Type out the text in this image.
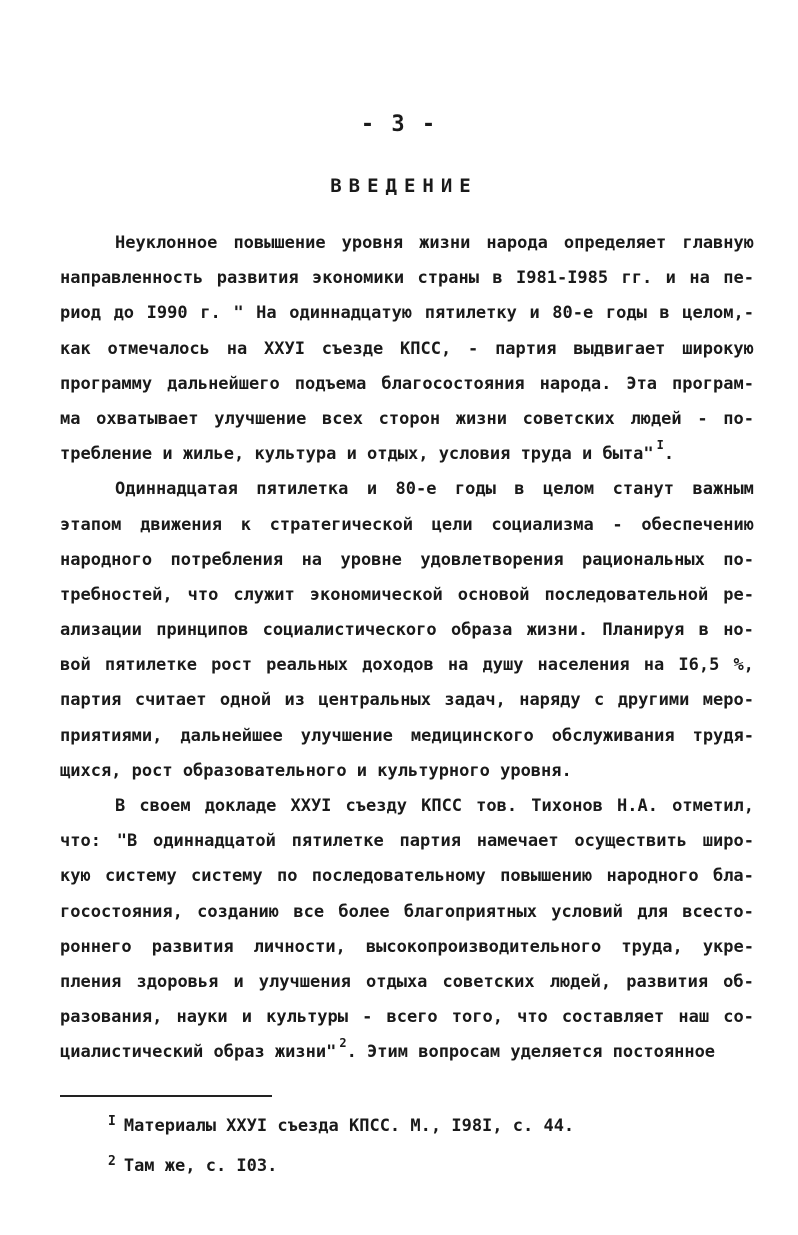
- 3 -
ВВЕДЕНИЕ
Неуклонное повышение уровня жизни народа определяет главную
направленность развития экономики страны в I981-I985 гг. и на пе-
риод до I990 г. " На одиннадцатую пятилетку и 80-е годы в целом,-
как отмечалось на ХХУI съезде КПСС, - партия выдвигает широкую
программу дальнейшего подъема благосостояния народа. Эта програм-
ма охватывает улучшение всех сторон жизни советских людей - по-
требление и жилье, культура и отдых, условия труда и быта" $^I$ .
Одиннадцатая пятилетка и 80-е годы в целом станут важным
этапом движения к стратегической цели социализма - обеспечению
народного потребления на уровне удовлетворения рациональных по-
требностей, что служит экономической основой последовательной ре-
ализации принципов социалистического образа жизни. Планируя в но-
вой пятилетке рост реальных доходов на душу населения на I6,5 %,
партия считает одной из центральных задач, наряду с другими меро-
приятиями, дальнейшее улучшение медицинского обслуживания трудя-
щихся, рост образовательного и культурного уровня.
В своем докладе ХХУI съезду КПСС тов. Тихонов Н.А. отметил,
что: "В одиннадцатой пятилетке партия намечает осуществить широ-
кую систему систему по последовательному повышению народного бла-
госостояния, созданию все более благоприятных условий для всесто-
роннего развития личности, высокопроизводительного труда, укре-
пления здоровья и улучшения отдыха советских людей, развития об-
разования, науки и культуры - всего того, что составляет наш со-
циалистический образ жизни" $^2$ . Этим вопросам уделяется постоянное
$^I$ Материалы ХХУI съезда КПСС. М., I98I, с. 44.
$^2$ Там же, с. I03.
